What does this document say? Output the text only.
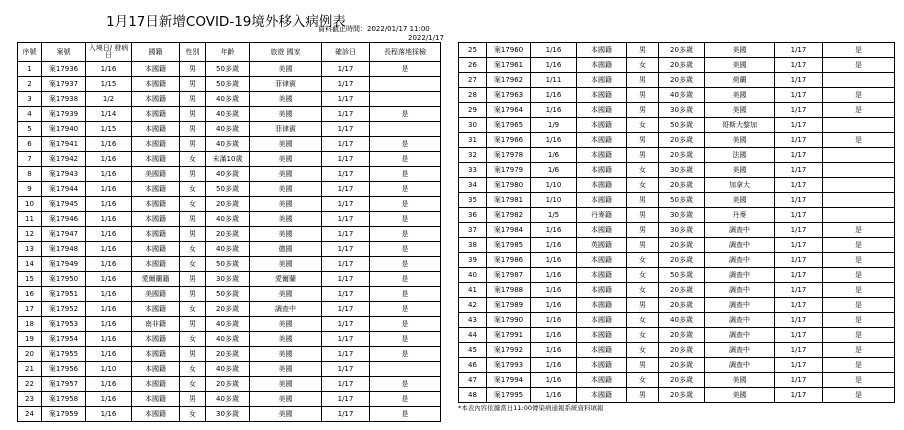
1月17日新增COVID-19境外移入病例表
資料截止時間：2022/01/17 11:00
2022/1/17
序號	案號	入境日/ 發病日	國籍	性別	年齡	旅遊 國家	確診日	長程落地採檢
1	案17936	1/16	本國籍	男	50多歲	美國	1/17	是
2	案17937	1/15	本國籍	男	50多歲	菲律賓	1/17	
3	案17938	1/2	本國籍	男	40多歲	美國	1/17	
4	案17939	1/14	本國籍	男	40多歲	美國	1/17	是
5	案17940	1/15	本國籍	男	40多歲	菲律賓	1/17	
6	案17941	1/16	本國籍	男	40多歲	美國	1/17	是
7	案17942	1/16	本國籍	女	未滿10歲	美國	1/17	是
8	案17943	1/16	美國籍	男	40多歲	美國	1/17	是
9	案17944	1/16	本國籍	女	50多歲	美國	1/17	是
10	案17945	1/16	本國籍	女	20多歲	美國	1/17	是
11	案17946	1/16	本國籍	男	40多歲	美國	1/17	是
12	案17947	1/16	本國籍	男	20多歲	美國	1/17	是
13	案17948	1/16	本國籍	女	40多歲	德國	1/17	是
14	案17949	1/16	本國籍	女	50多歲	美國	1/17	是
15	案17950	1/16	愛爾蘭籍	男	30多歲	愛爾蘭	1/17	是
16	案17951	1/16	美國籍	男	50多歲	美國	1/17	是
17	案17952	1/16	本國籍	女	20多歲	調查中	1/17	是
18	案17953	1/16	南非籍	男	40多歲	美國	1/17	是
19	案17954	1/16	本國籍	女	40多歲	美國	1/17	是
20	案17955	1/16	本國籍	男	20多歲	美國	1/17	是
21	案17956	1/10	本國籍	女	40多歲	美國	1/17	
22	案17957	1/16	本國籍	女	20多歲	美國	1/17	是
23	案17958	1/16	本國籍	男	40多歲	美國	1/17	是
24	案17959	1/16	本國籍	女	30多歲	美國	1/17	是
25	案17960	1/16	本國籍	男	20多歲	美國	1/17	是
26	案17961	1/16	本國籍	女	20多歲	美國	1/17	是
27	案17962	1/11	本國籍	男	20多歲	荷蘭	1/17	
28	案17963	1/16	本國籍	男	40多歲	美國	1/17	是
29	案17964	1/16	本國籍	男	30多歲	美國	1/17	是
30	案17965	1/9	本國籍	女	50多歲	哥斯大黎加	1/17	
31	案17966	1/16	本國籍	男	20多歲	美國	1/17	是
32	案17978	1/6	本國籍	男	20多歲	法國	1/17	
33	案17979	1/6	本國籍	女	30多歲	美國	1/17	
34	案17980	1/10	本國籍	女	20多歲	加拿大	1/17	
35	案17981	1/10	本國籍	男	50多歲	美國	1/17	
36	案17982	1/5	丹麥籍	男	30多歲	丹麥	1/17	
37	案17984	1/16	本國籍	男	30多歲	調查中	1/17	是
38	案17985	1/16	英國籍	男	20多歲	調查中	1/17	是
39	案17986	1/16	本國籍	女	20多歲	調查中	1/17	是
40	案17987	1/16	本國籍	女	50多歲	調查中	1/17	是
41	案17988	1/16	本國籍	女	20多歲	調查中	1/17	是
42	案17989	1/16	本國籍	男	20多歲	調查中	1/17	是
43	案17990	1/16	本國籍	女	40多歲	調查中	1/17	是
44	案17991	1/16	本國籍	女	20多歲	調查中	1/17	是
45	案17992	1/16	本國籍	女	20多歲	調查中	1/17	是
46	案17993	1/16	本國籍	男	20多歲	調查中	1/17	是
47	案17994	1/16	本國籍	女	20多歲	美國	1/17	是
48	案17995	1/16	本國籍	男	20多歲	美國	1/17	是
*本表內容依據當日11:00傳染病通報系統資料填報
